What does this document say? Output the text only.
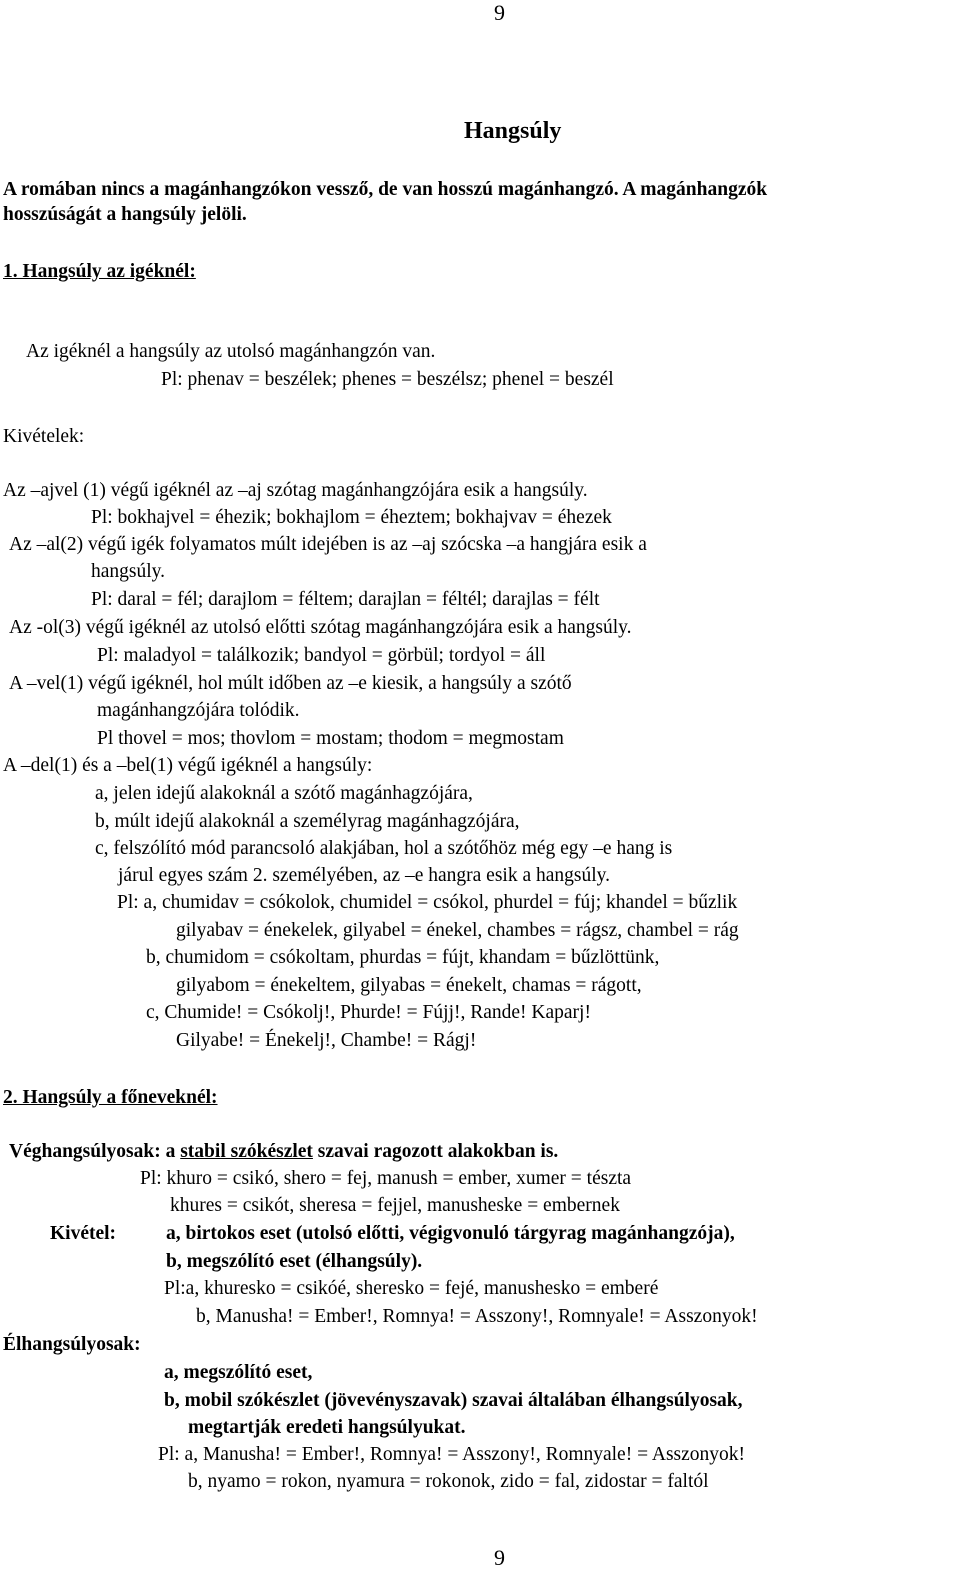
9
Hangsúly
A romában nincs a magánhangzókon vessző, de van hosszú magánhangzó. A magánhangzók
hosszúságát a hangsúly jelöli.
1. Hangsúly az igéknél:
Az igéknél a hangsúly az utolsó magánhangzón van.
Pl: phenav = beszélek; phenes = beszélsz; phenel = beszél
Kivételek:
Az –ajvel (1) végű igéknél az –aj szótag magánhangzójára esik a hangsúly.
Pl: bokhajvel = éhezik; bokhajlom = éheztem; bokhajvav = éhezek
Az –al(2) végű igék folyamatos múlt idejében is az –aj szócska –a hangjára esik a
hangsúly.
Pl: daral = fél; darajlom = féltem; darajlan = féltél; darajlas = félt
Az -ol(3) végű igéknél az utolsó előtti szótag magánhangzójára esik a hangsúly.
Pl: maladyol = találkozik; bandyol = görbül; tordyol = áll
A –vel(1) végű igéknél, hol múlt időben az –e kiesik, a hangsúly a szótő
magánhangzójára tolódik.
Pl thovel = mos; thovlom = mostam; thodom = megmostam
A –del(1) és a –bel(1) végű igéknél a hangsúly:
a, jelen idejű alakoknál a szótő magánhagzójára,
b, múlt idejű alakoknál a személyrag magánhagzójára,
c, felszólító mód parancsoló alakjában, hol a szótőhöz még egy –e hang is
járul egyes szám 2. személyében, az –e hangra esik a hangsúly.
Pl: a, chumidav = csókolok, chumidel = csókol, phurdel = fúj; khandel = bűzlik
gilyabav = énekelek, gilyabel = énekel, chambes = rágsz, chambel = rág
b, chumidom = csókoltam, phurdas = fújt, khandam = bűzlöttünk,
gilyabom = énekeltem, gilyabas = énekelt, chamas = rágott,
c, Chumide! = Csókolj!, Phurde! = Fújj!, Rande! Kaparj!
Gilyabe! = Énekelj!, Chambe! = Rágj!
2. Hangsúly a főneveknél:
Véghangsúlyosak: a stabil szókészlet szavai ragozott alakokban is.
Pl: khuro = csikó, shero = fej, manush = ember, xumer = tészta
khures = csikót, sheresa = fejjel, manusheske = embernek
Kivétel:	a, birtokos eset (utolsó előtti, végigvonuló tárgyrag magánhangzója),
b, megszólító eset (élhangsúly).
Pl:a, khuresko = csikóé, sheresko = fejé, manushesko = emberé
b, Manusha! = Ember!, Romnya! = Asszony!, Romnyale! = Asszonyok!
Élhangsúlyosak:
a, megszólító eset,
b, mobil szókészlet (jövevényszavak) szavai általában élhangsúlyosak,
megtartják eredeti hangsúlyukat.
Pl: a, Manusha! = Ember!, Romnya! = Asszony!, Romnyale! = Asszonyok!
b, nyamo = rokon, nyamura = rokonok, zido = fal, zidostar = faltól
9
